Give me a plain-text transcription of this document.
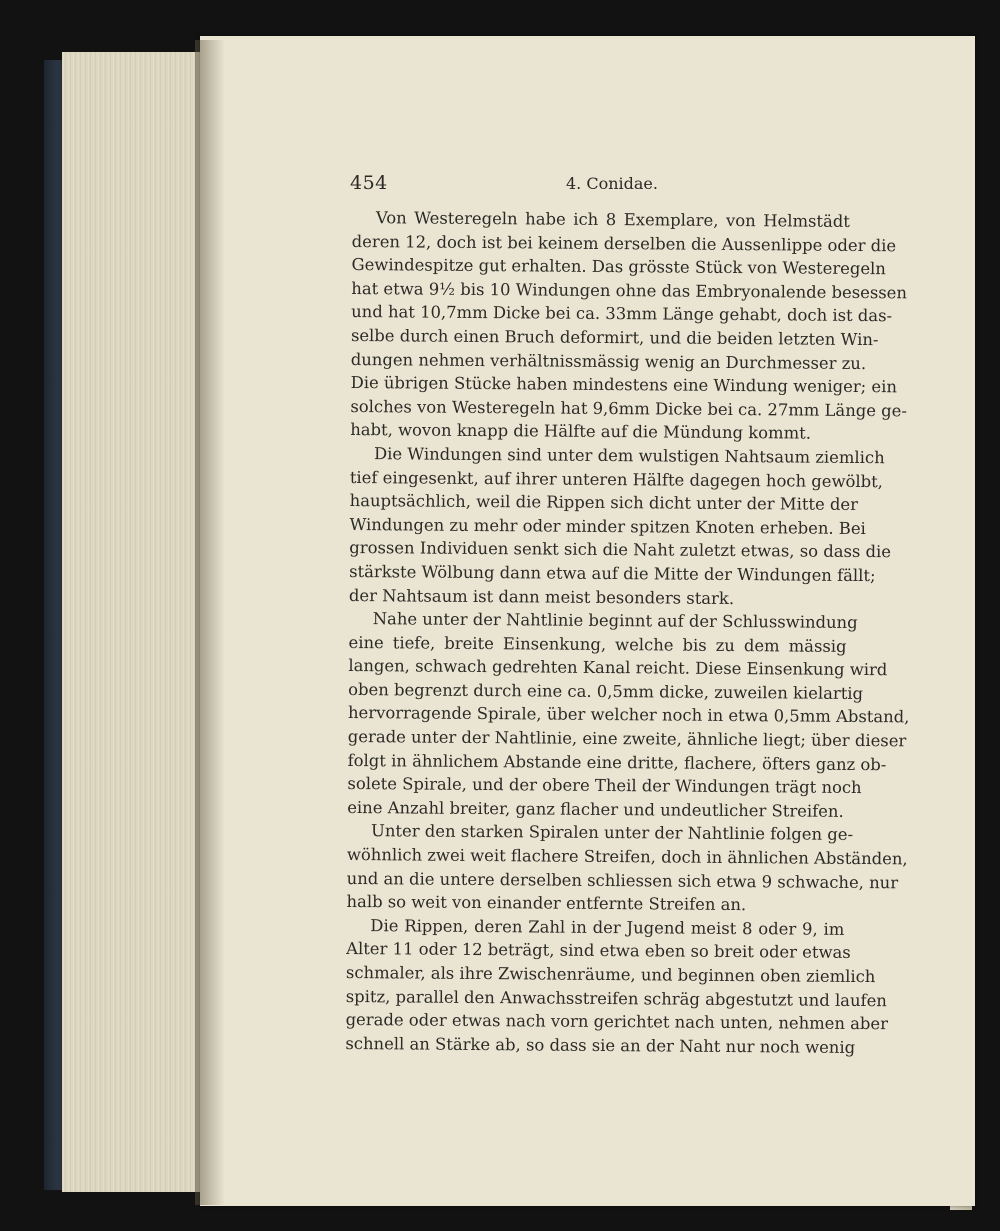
454	4. Conidae.
Von Westeregeln habe ich 8 Exemplare, von Helmstädt
deren 12, doch ist bei keinem derselben die Aussenlippe oder die
Gewindespitze gut erhalten. Das grösste Stück von Westeregeln
hat etwa 9½ bis 10 Windungen ohne das Embryonalende besessen
und hat 10,7mm Dicke bei ca. 33mm Länge gehabt, doch ist das-
selbe durch einen Bruch deformirt, und die beiden letzten Win-
dungen nehmen verhältnissmässig wenig an Durchmesser zu.
Die übrigen Stücke haben mindestens eine Windung weniger; ein
solches von Westeregeln hat 9,6mm Dicke bei ca. 27mm Länge ge-
habt, wovon knapp die Hälfte auf die Mündung kommt.
Die Windungen sind unter dem wulstigen Nahtsaum ziemlich
tief eingesenkt, auf ihrer unteren Hälfte dagegen hoch gewölbt,
hauptsächlich, weil die Rippen sich dicht unter der Mitte der
Windungen zu mehr oder minder spitzen Knoten erheben. Bei
grossen Individuen senkt sich die Naht zuletzt etwas, so dass die
stärkste Wölbung dann etwa auf die Mitte der Windungen fällt;
der Nahtsaum ist dann meist besonders stark.
Nahe unter der Nahtlinie beginnt auf der Schlusswindung
eine tiefe, breite Einsenkung, welche bis zu dem mässig
langen, schwach gedrehten Kanal reicht. Diese Einsenkung wird
oben begrenzt durch eine ca. 0,5mm dicke, zuweilen kielartig
hervorragende Spirale, über welcher noch in etwa 0,5mm Abstand,
gerade unter der Nahtlinie, eine zweite, ähnliche liegt; über dieser
folgt in ähnlichem Abstande eine dritte, flachere, öfters ganz ob-
solete Spirale, und der obere Theil der Windungen trägt noch
eine Anzahl breiter, ganz flacher und undeutlicher Streifen.
Unter den starken Spiralen unter der Nahtlinie folgen ge-
wöhnlich zwei weit flachere Streifen, doch in ähnlichen Abständen,
und an die untere derselben schliessen sich etwa 9 schwache, nur
halb so weit von einander entfernte Streifen an.
Die Rippen, deren Zahl in der Jugend meist 8 oder 9, im
Alter 11 oder 12 beträgt, sind etwa eben so breit oder etwas
schmaler, als ihre Zwischenräume, und beginnen oben ziemlich
spitz, parallel den Anwachsstreifen schräg abgestutzt und laufen
gerade oder etwas nach vorn gerichtet nach unten, nehmen aber
schnell an Stärke ab, so dass sie an der Naht nur noch wenig
